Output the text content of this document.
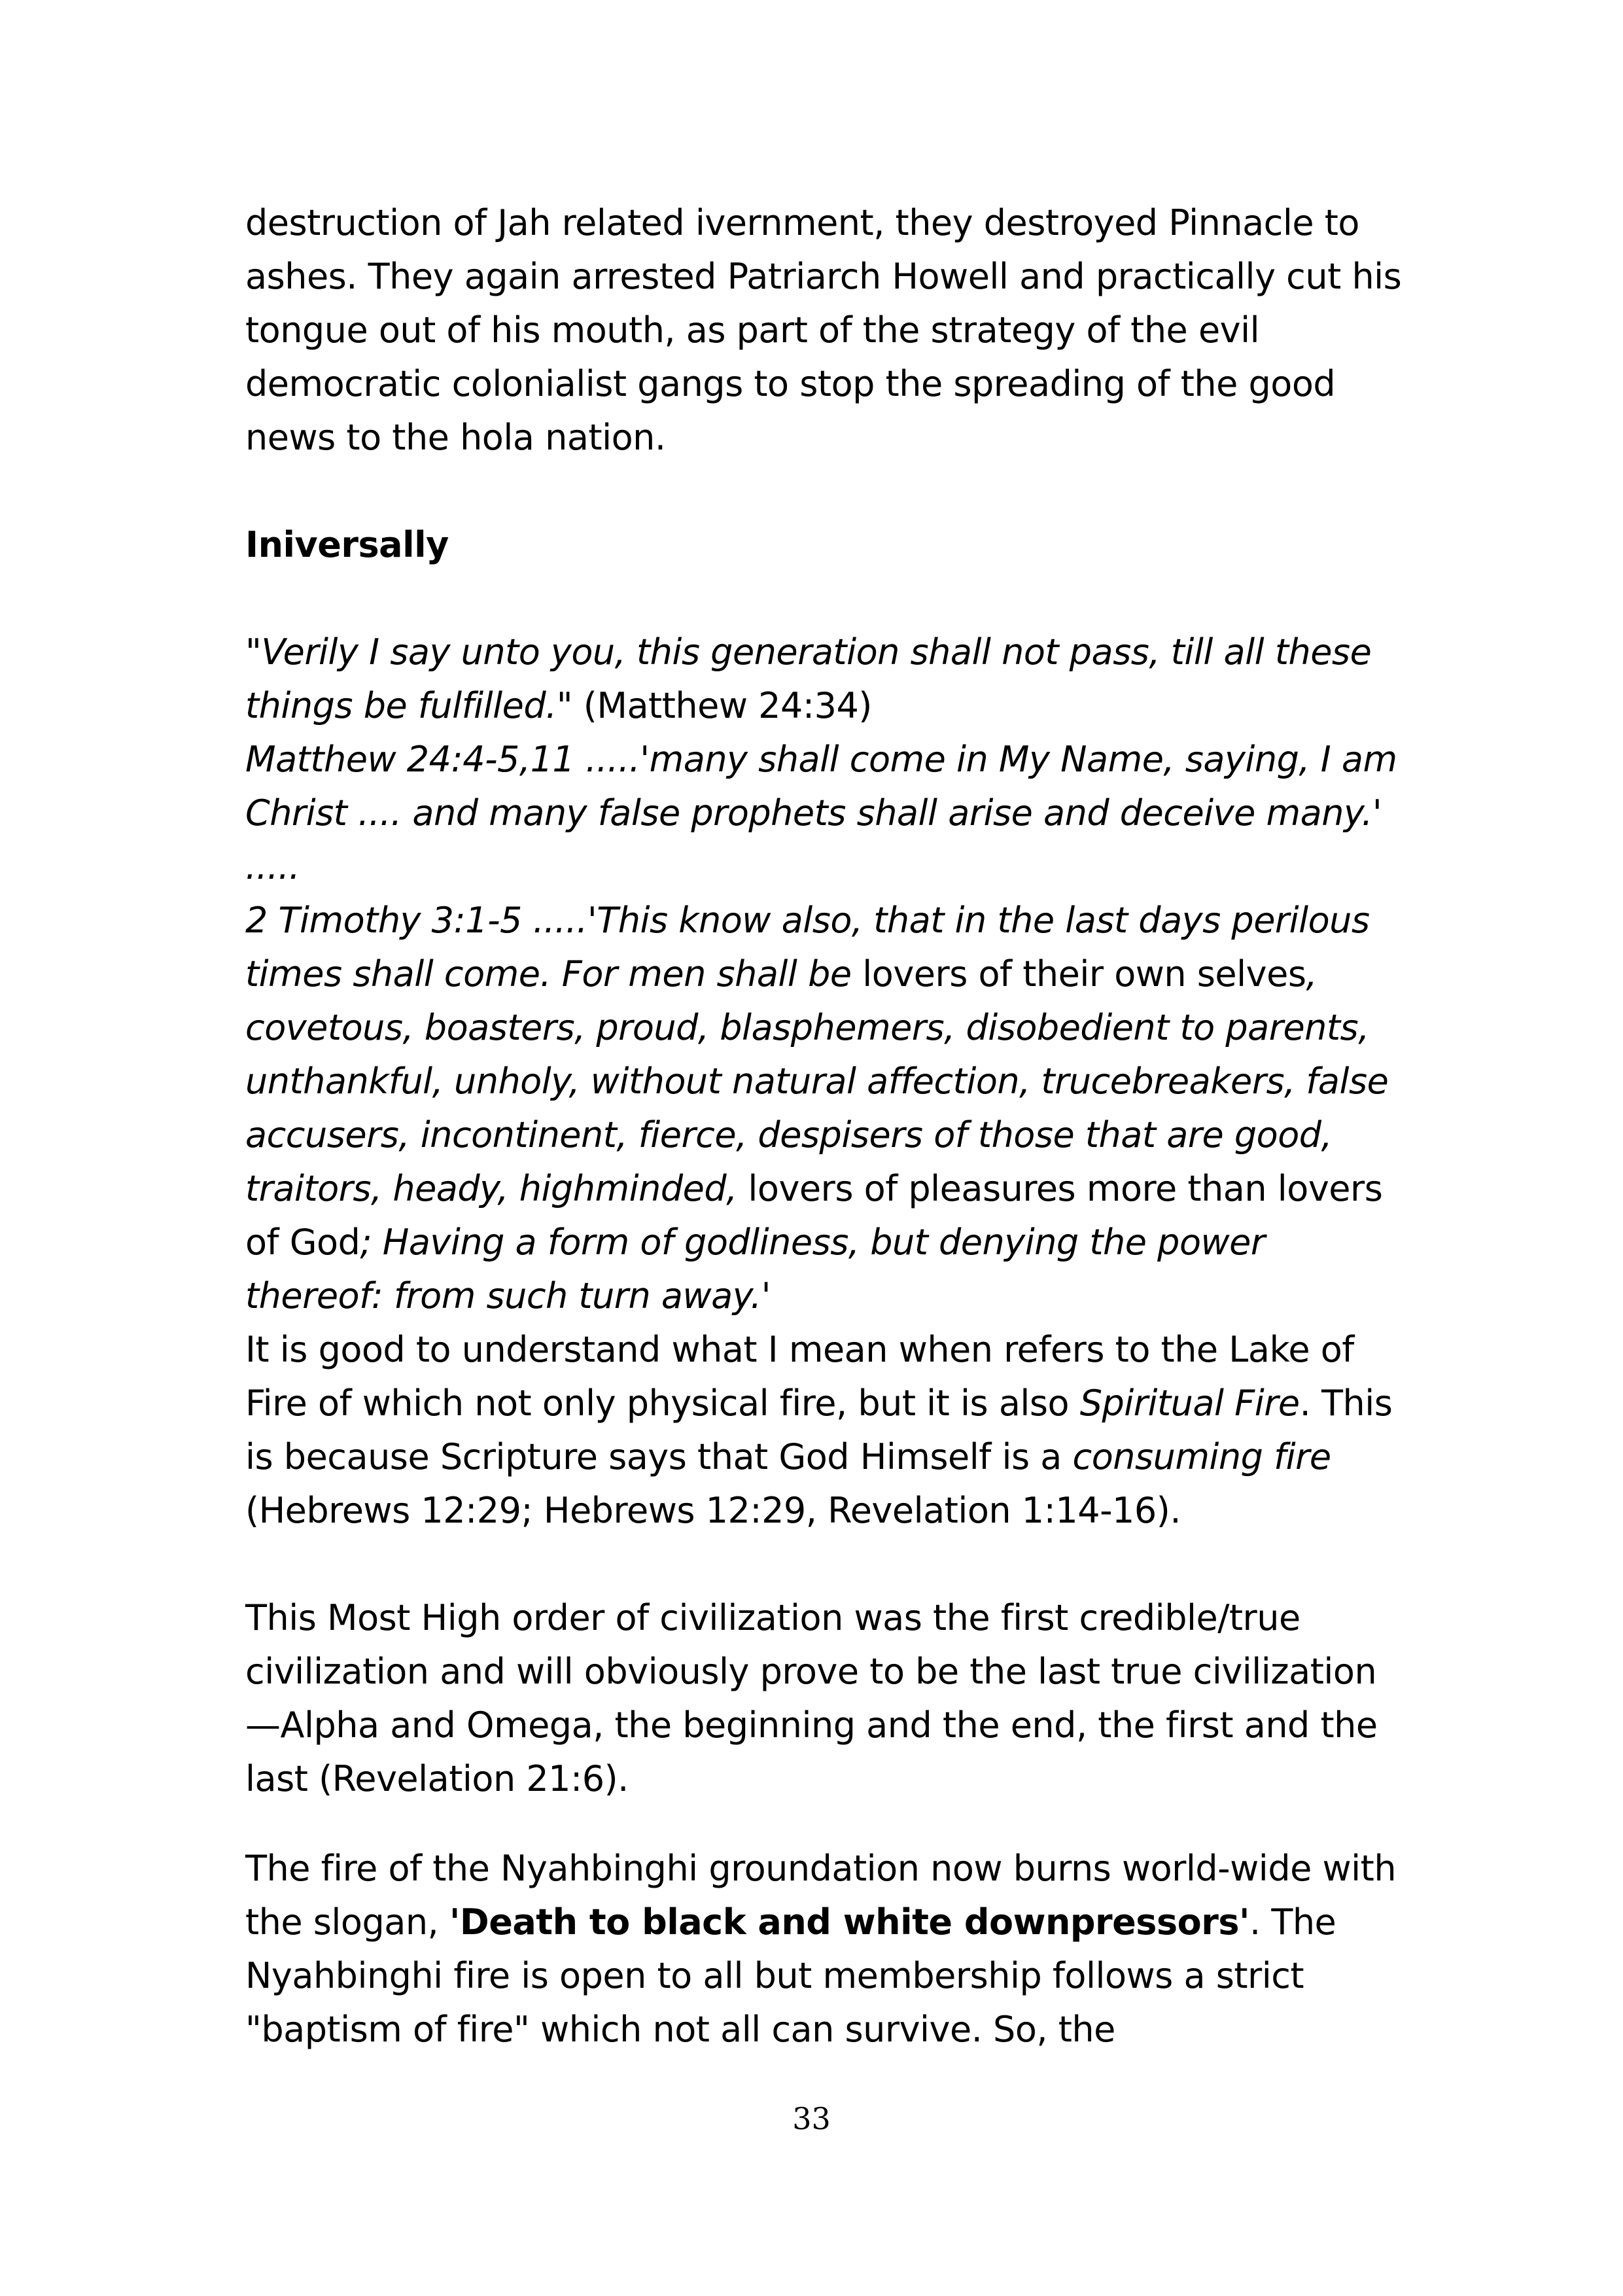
destruction of Jah related ivernment, they destroyed Pinnacle to ashes. They again arrested Patriarch Howell and practically cut his tongue out of his mouth, as part of the strategy of the evil democratic colonialist gangs to stop the spreading of the good news to the hola nation.

Iniversally

"Verily I say unto you, this generation shall not pass, till all these things be fulfilled." (Matthew 24:34)

Matthew 24:4-5,11 .....'many shall come in My Name, saying, I am Christ .... and many false prophets shall arise and deceive many.' .....

2 Timothy 3:1-5 .....'This know also, that in the last days perilous times shall come. For men shall be lovers of their own selves, covetous, boasters, proud, blasphemers, disobedient to parents, unthankful, unholy, without natural affection, trucebreakers, false accusers, incontinent, fierce, despisers of those that are good, traitors, heady, highminded, lovers of pleasures more than lovers of God; Having a form of godliness, but denying the power thereof: from such turn away.'

It is good to understand what I mean when refers to the Lake of Fire of which not only physical fire, but it is also Spiritual Fire. This is because Scripture says that God Himself is a consuming fire (Hebrews 12:29; Hebrews 12:29, Revelation 1:14-16).

This Most High order of civilization was the first credible/true civilization and will obviously prove to be the last true civilization—Alpha and Omega, the beginning and the end, the first and the last (Revelation 21:6).

The fire of the Nyahbinghi groundation now burns world-wide with the slogan, 'Death to black and white downpressors'. The Nyahbinghi fire is open to all but membership follows a strict "baptism of fire" which not all can survive. So, the

33
